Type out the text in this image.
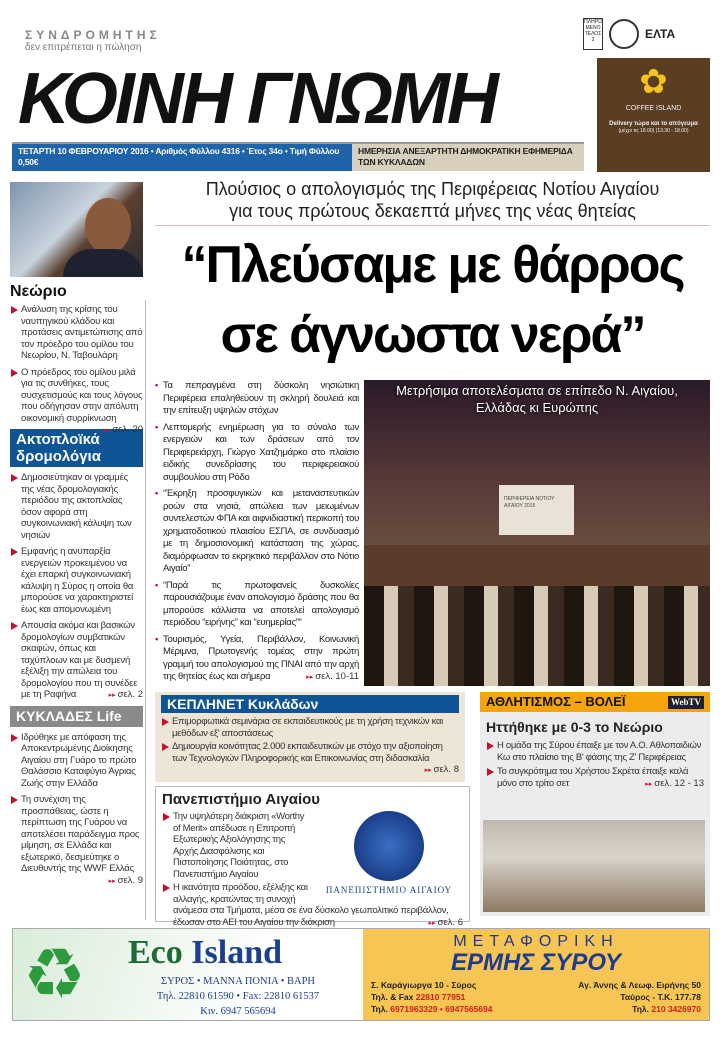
ΣΥΝΔΡΟΜΗΤΗΣ
δεν επιτρέπεται η πώληση
ΠΛΗΡΩΜΕΝΟ ΤΕΛΟΣ 2	ΕΛΤΑ
ΚΟΙΝΗ ΓΝΩΜΗ
ΤΕΤΑΡΤΗ 10 ΦΕΒΡΟΥΑΡΙΟΥ 2016 • Αριθμός Φύλλου 4316 • Έτος 34ο • Τιμή Φύλλου 0,50€
ΗΜΕΡΗΣΙΑ ΑΝΕΞΑΡΤΗΤΗ ΔΗΜΟΚΡΑΤΙΚΗ ΕΦΗΜΕΡΙΔΑ ΤΩΝ ΚΥΚΛΑΔΩΝ
✿
COFFEE ISLAND
Delivery τώρα και το απόγευμα
(μέχρι τις 18.00) (13.30 - 18.00)
Νεώριο
Ανάλυση της κρίσης του ναυπηγικού κλάδου και προτάσεις αντιμετώπισης από τον πρόεδρο του ομίλου του Νεωρίου, Ν. Ταβουλάρη
Ο πρόεδρος του ομίλου μιλά για τις συνθήκες, τους συσχετισμούς και τους λόγους που οδήγησαν στην απόλυτη οικονομική συρρίκνωση
▸▸ σελ. 20
Ακτοπλοϊκά δρομολόγια
Δημοσιεύτηκαν οι γραμμές της νέας δρομολογιακής περιόδου της ακτοπλοΐας όσον αφορά στη συγκοινωνιακή κάλυψη των νησιών
Εμφανής η ανυπαρξία ενεργειών προκειμένου να έχει επαρκή συγκοινωνιακή κάλυψη η Σύρος η οποία θα μπορούσε να χαρακτηριστεί έως και απομονωμένη
Απουσία ακόμα και βασικών δρομολογίων συμβατικών σκαφών, όπως και ταχύπλοων και με δυσμενή εξέλιξη την απώλεια του δρομολογίου που τη συνέδεε με τη Ραφήνα	▸▸ σελ. 2
ΚΥΚΛΑΔΕΣ Life
Ιδρύθηκε με απόφαση της Αποκεντρωμένης Διοίκησης Αιγαίου στη Γυάρο το πρώτο Θαλάσσιο Καταφύγιο Άγριας Ζωής στην Ελλάδα
Τη συνέχιση της προσπάθειας, ώστε η περίπτωση της Γυάρου να αποτελέσει παράδειγμα προς μίμηση, σε Ελλάδα και εξωτερικό, δεσμεύτηκε ο Διευθυντής της WWF Ελλάς
▸▸ σελ. 9
Πλούσιος ο απολογισμός της Περιφέρειας Νοτίου Αιγαίου
για τους πρώτους δεκαεπτά μήνες της νέας θητείας
“Πλεύσαμε με θάρρος
σε άγνωστα νερά”

• Τα πεπραγμένα στη δύσκολη νησιώτικη Περιφέρεια επαληθεύουν τη σκληρή δουλειά και την επίτευξη υψηλών στόχων

• Λεπτομερής ενημέρωση για το σύνολο των ενεργειών και των δράσεων από τον Περιφερειάρχη, Γιώργο Χατζημάρκο στο πλαίσιο ειδικής συνεδρίασης του περιφερειακού συμβουλίου στη Ρόδο

• “Έκρηξη προσφυγικών και μεταναστευτικών ροών στα νησιά, απώλεια των μειωμένων συντελεστών ΦΠΑ και αιφνιδιαστική περικοπή του χρηματοδοτικού πλαισίου ΕΣΠΑ, σε συνδυασμό με τη δημοσιονομική κατάσταση της χώρας, διαμόρφωσαν το εκρηκτικό περιβάλλον στο Νότιο Αιγαίο”

• “Παρά τις πρωτοφανείς δυσκολίες παρουσιάζουμε έναν απολογισμό δράσης που θα μπορούσε κάλλιστα να αποτελεί απολογισμό περιόδου “ειρήνης” και “ευημερίας””

• Τουρισμός, Υγεία, Περιβάλλον, Κοινωνική Μέριμνα, Πρωτογενής τομέας στην πρώτη γραμμή του απολογισμού της ΠΝΑΙ από την αρχή της θητείας έως και σήμερα	▸▸ σελ. 10-11

ΠΕΡΙΦΕΡΕΙΑ ΝΟΤΙΟΥ ΑΙΓΑΙΟΥ 2015
Μετρήσιμα αποτελέσματα σε επίπεδο Ν. Αιγαίου,
Ελλάδας κι Ευρώπης
ΚΕΠΛΗΝΕΤ Κυκλάδων
Επιμορφωτικά σεμινάρια σε εκπαιδευτικούς με τη χρήση τεχνικών και μεθόδων εξ' αποστάσεως
Δημιουργία κοινότητας 2.000 εκπαιδευτικών με στόχο την αξιοποίηση των Τεχνολογιών Πληροφορικής και Επικοινωνίας στη διδασκαλία
▸▸ σελ. 8
Πανεπιστήμιο Αιγαίου
ΠΑΝΕΠΙΣΤΗΜΙΟ ΑΙΓΑΙΟΥ
Την υψηλότερη διάκριση «Worthy of Merit» απέδωσε η Επιτροπή Εξωτερικής Αξιολόγησης της Αρχής Διασφάλισης και Πιστοποίησης Ποιότητας, στο Πανεπιστήμιο Αιγαίου
Η ικανότητα προόδου, εξέλιξης και αλλαγής, κρατώντας τη συνοχή ανάμεσα στα Τμήματα, μέσα σε ένα δύσκολο γεωπολιτικό περιβάλλον, έδωσαν στο ΑΕΙ του Αιγαίου την διάκριση	▸▸ σελ. 6
ΑΘΛΗΤΙΣΜΟΣ – ΒΟΛΕΪ	WebTV
Ηττήθηκε με 0-3 το Νεώριο
Η ομάδα της Σύρου έπαιξε με τον Α.Ο. Αθλοπαιδιών Κω στο πλαίσιο της Β' φάσης της Ζ' Περιφέρειας
Το συγκρότημα του Χρήστου Σκρέτα έπαιξε καλά μόνο στο τρίτο σετ	▸▸ σελ. 12 - 13
♻ Eco Island
ΣΥΡΟΣ • ΜΑΝΝΑ ΠΟΝΙΑ • ΒΑΡΗ
Τηλ. 22810 61590 • Fax: 22810 61537
Κιν. 6947 565694
ΜΕΤΑΦΟΡΙΚΗ
ΕΡΜΗΣ ΣΥΡΟΥ
Σ. Καράγιωργα 10 - Σύρος	Αγ. Άννης & Λεωφ. Ειρήνης 50
Τηλ. & Fax 22810 77951	Ταύρος - Τ.Κ. 177.78
Τηλ. 6971963329 • 6947565694	Τηλ. 210 3426970
